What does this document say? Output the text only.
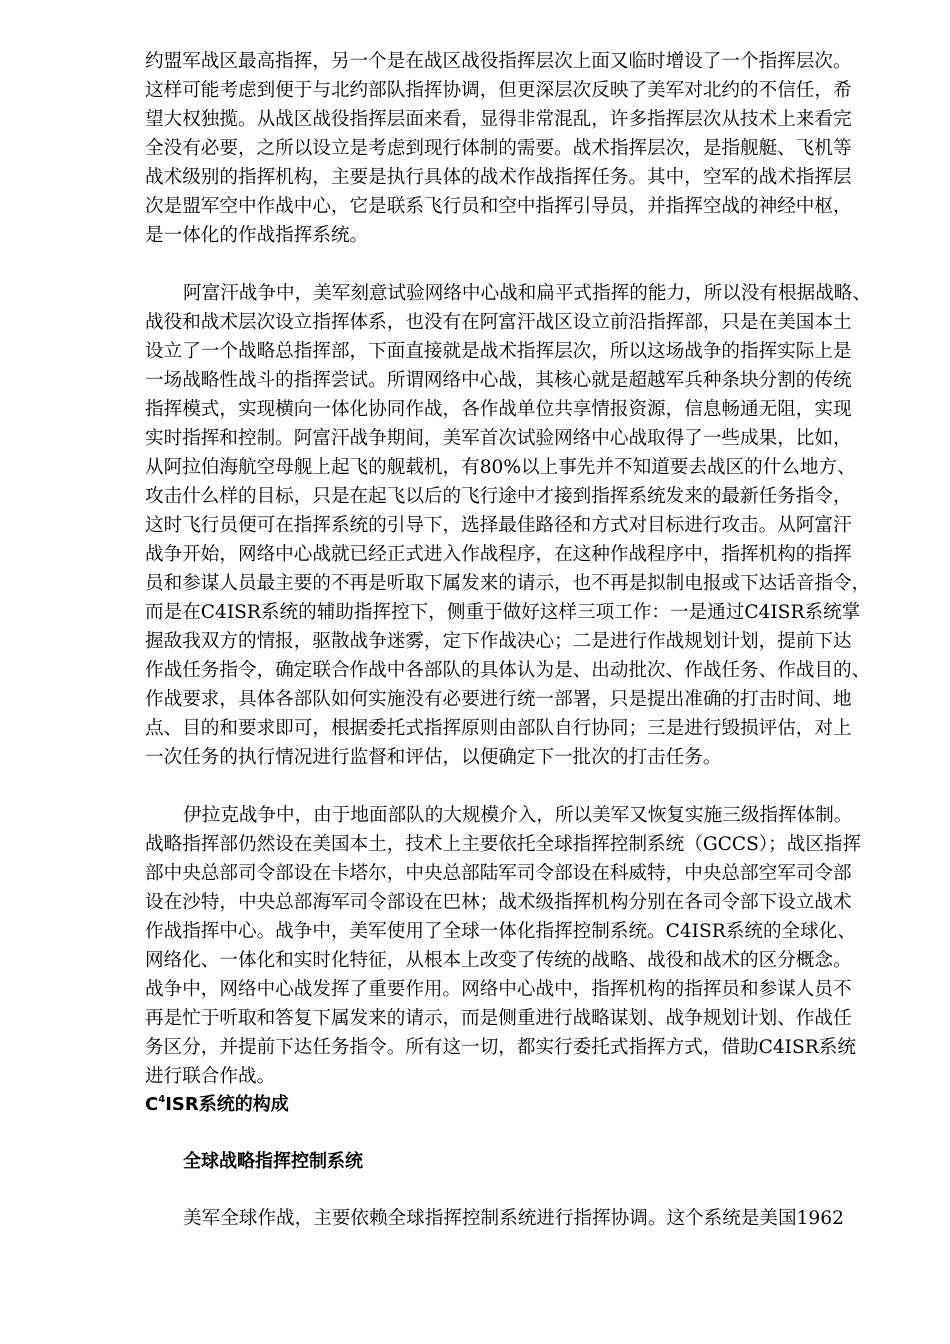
约盟军战区最高指挥，另一个是在战区战役指挥层次上面又临时增设了一个指挥层次。
这样可能考虑到便于与北约部队指挥协调，但更深层次反映了美军对北约的不信任，希
望大权独揽。从战区战役指挥层面来看，显得非常混乱，许多指挥层次从技术上来看完
全没有必要，之所以设立是考虑到现行体制的需要。战术指挥层次，是指舰艇、飞机等
战术级别的指挥机构，主要是执行具体的战术作战指挥任务。其中，空军的战术指挥层
次是盟军空中作战中心，它是联系飞行员和空中指挥引导员，并指挥空战的神经中枢，
是一体化的作战指挥系统。
阿富汗战争中，美军刻意试验网络中心战和扁平式指挥的能力，所以没有根据战略、
战役和战术层次设立指挥体系，也没有在阿富汗战区设立前沿指挥部，只是在美国本土
设立了一个战略总指挥部，下面直接就是战术指挥层次，所以这场战争的指挥实际上是
一场战略性战斗的指挥尝试。所谓网络中心战，其核心就是超越军兵种条块分割的传统
指挥模式，实现横向一体化协同作战，各作战单位共享情报资源，信息畅通无阻，实现
实时指挥和控制。阿富汗战争期间，美军首次试验网络中心战取得了一些成果，比如，
从阿拉伯海航空母舰上起飞的舰载机，有80%以上事先并不知道要去战区的什么地方、
攻击什么样的目标，只是在起飞以后的飞行途中才接到指挥系统发来的最新任务指令，
这时飞行员便可在指挥系统的引导下，选择最佳路径和方式对目标进行攻击。从阿富汗
战争开始，网络中心战就已经正式进入作战程序，在这种作战程序中，指挥机构的指挥
员和参谋人员最主要的不再是听取下属发来的请示，也不再是拟制电报或下达话音指令，
而是在C4ISR系统的辅助指挥控下，侧重于做好这样三项工作：一是通过C4ISR系统掌
握敌我双方的情报，驱散战争迷雾，定下作战决心；二是进行作战规划计划，提前下达
作战任务指令，确定联合作战中各部队的具体认为是、出动批次、作战任务、作战目的、
作战要求，具体各部队如何实施没有必要进行统一部署，只是提出准确的打击时间、地
点、目的和要求即可，根据委托式指挥原则由部队自行协同；三是进行毁损评估，对上
一次任务的执行情况进行监督和评估，以便确定下一批次的打击任务。
伊拉克战争中，由于地面部队的大规模介入，所以美军又恢复实施三级指挥体制。
战略指挥部仍然设在美国本土，技术上主要依托全球指挥控制系统（GCCS）；战区指挥
部中央总部司令部设在卡塔尔，中央总部陆军司令部设在科威特，中央总部空军司令部
设在沙特，中央总部海军司令部设在巴林；战术级指挥机构分别在各司令部下设立战术
作战指挥中心。战争中，美军使用了全球一体化指挥控制系统。C4ISR系统的全球化、
网络化、一体化和实时化特征，从根本上改变了传统的战略、战役和战术的区分概念。
战争中，网络中心战发挥了重要作用。网络中心战中，指挥机构的指挥员和参谋人员不
再是忙于听取和答复下属发来的请示，而是侧重进行战略谋划、战争规划计划、作战任
务区分，并提前下达任务指令。所有这一切，都实行委托式指挥方式，借助C4ISR系统
进行联合作战。
$C^4ISR$系统的构成
全球战略指挥控制系统
美军全球作战，主要依赖全球指挥控制系统进行指挥协调。这个系统是美国1962
